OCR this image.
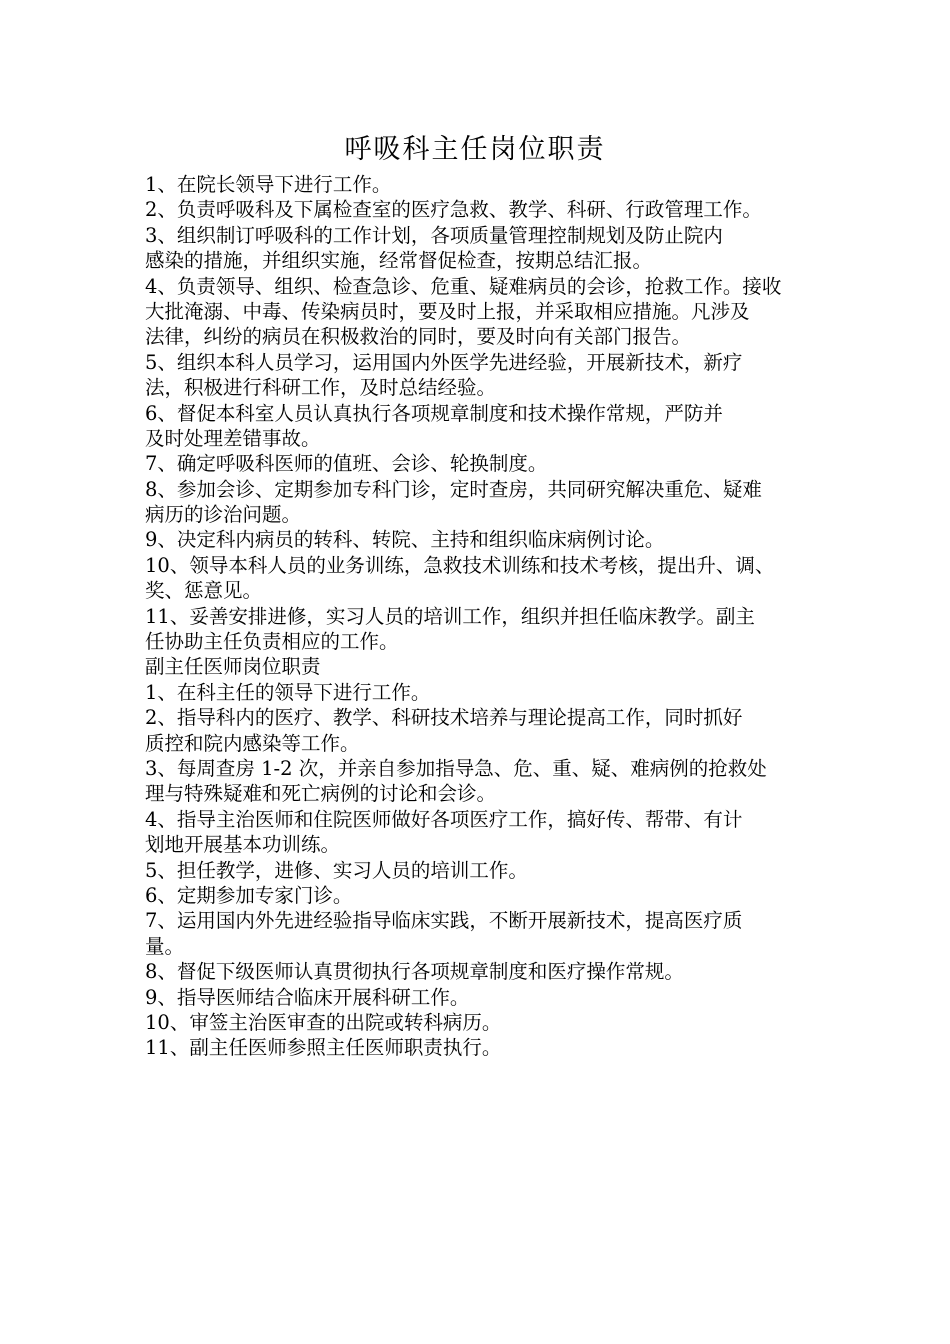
呼吸科主任岗位职责
1、在院长领导下进行工作。
2、负责呼吸科及下属检查室的医疗急救、教学、科研、行政管理工作。
3、组织制订呼吸科的工作计划，各项质量管理控制规划及防止院内
感染的措施，并组织实施，经常督促检查，按期总结汇报。
4、负责领导、组织、检查急诊、危重、疑难病员的会诊，抢救工作。接收
大批淹溺、中毒、传染病员时，要及时上报，并采取相应措施。凡涉及
法律，纠纷的病员在积极救治的同时，要及时向有关部门报告。
5、组织本科人员学习，运用国内外医学先进经验，开展新技术，新疗
法，积极进行科研工作，及时总结经验。
6、督促本科室人员认真执行各项规章制度和技术操作常规，严防并
及时处理差错事故。
7、确定呼吸科医师的值班、会诊、轮换制度。
8、参加会诊、定期参加专科门诊，定时查房，共同研究解决重危、疑难
病历的诊治问题。
9、决定科内病员的转科、转院、主持和组织临床病例讨论。
10、领导本科人员的业务训练，急救技术训练和技术考核，提出升、调、
奖、惩意见。
11、妥善安排进修，实习人员的培训工作，组织并担任临床教学。副主
任协助主任负责相应的工作。
副主任医师岗位职责
1、在科主任的领导下进行工作。
2、指导科内的医疗、教学、科研技术培养与理论提高工作，同时抓好
质控和院内感染等工作。
3、每周查房 1-2 次，并亲自参加指导急、危、重、疑、难病例的抢救处
理与特殊疑难和死亡病例的讨论和会诊。
4、指导主治医师和住院医师做好各项医疗工作，搞好传、帮带、有计
划地开展基本功训练。
5、担任教学，进修、实习人员的培训工作。
6、定期参加专家门诊。
7、运用国内外先进经验指导临床实践，不断开展新技术，提高医疗质
量。
8、督促下级医师认真贯彻执行各项规章制度和医疗操作常规。
9、指导医师结合临床开展科研工作。
10、审签主治医审查的出院或转科病历。
11、副主任医师参照主任医师职责执行。
